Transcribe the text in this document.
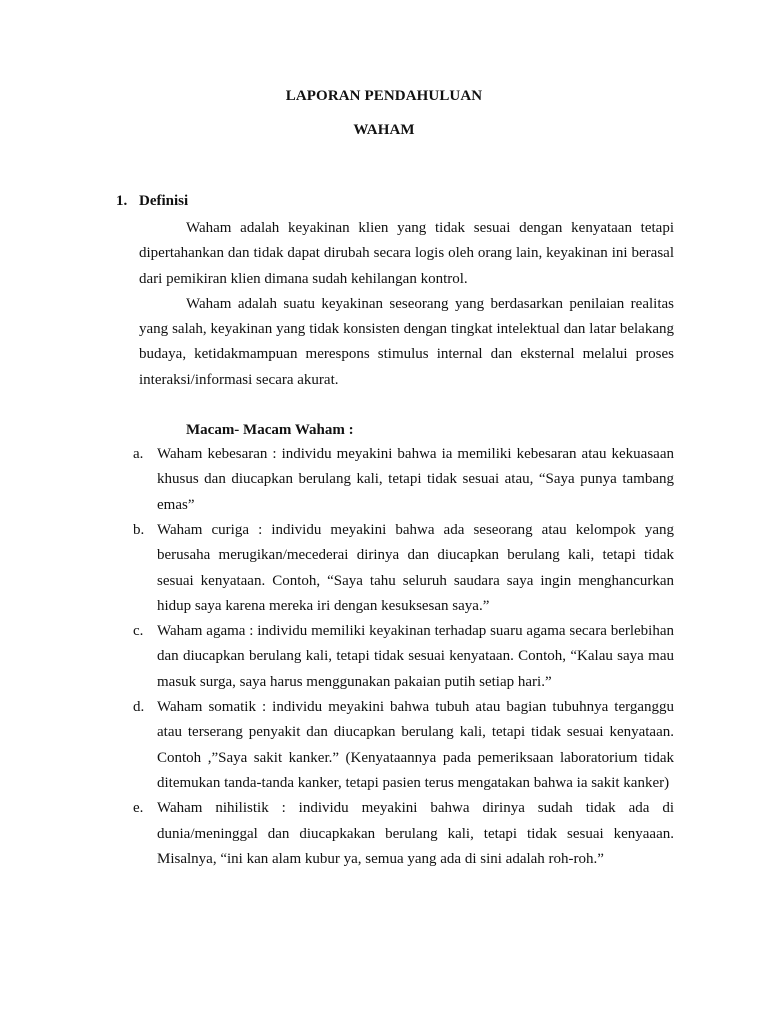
LAPORAN PENDAHULUAN
WAHAM
1. Definisi

Waham adalah keyakinan klien yang tidak sesuai dengan kenyataan tetapi dipertahankan dan tidak dapat dirubah secara logis oleh orang lain, keyakinan ini berasal dari pemikiran klien dimana sudah kehilangan kontrol.

Waham adalah suatu keyakinan seseorang yang berdasarkan penilaian realitas yang salah, keyakinan yang tidak konsisten dengan tingkat intelektual dan latar belakang budaya, ketidakmampuan merespons stimulus internal dan eksternal melalui proses interaksi/informasi secara akurat.

Macam- Macam Waham :
a. Waham kebesaran : individu meyakini bahwa ia memiliki kebesaran atau kekuasaan khusus dan diucapkan berulang kali, tetapi tidak sesuai atau, “Saya punya tambang emas”
b. Waham curiga : individu meyakini bahwa ada seseorang atau kelompok yang berusaha merugikan/mecederai dirinya dan diucapkan berulang kali, tetapi tidak sesuai kenyataan. Contoh, “Saya tahu seluruh saudara saya ingin menghancurkan hidup saya karena mereka iri dengan kesuksesan saya.”
c. Waham agama : individu memiliki keyakinan terhadap suaru agama secara berlebihan dan diucapkan berulang kali, tetapi tidak sesuai kenyataan. Contoh, “Kalau saya mau masuk surga, saya harus menggunakan pakaian putih setiap hari.”
d. Waham somatik : individu meyakini bahwa tubuh atau bagian tubuhnya terganggu atau terserang penyakit dan diucapkan berulang kali, tetapi tidak sesuai kenyataan. Contoh ,”Saya sakit kanker.” (Kenyataannya pada pemeriksaan laboratorium tidak ditemukan tanda-tanda kanker, tetapi pasien terus mengatakan bahwa ia sakit kanker)
e. Waham nihilistik : individu meyakini bahwa dirinya sudah tidak ada di dunia/meninggal dan diucapkakan berulang kali, tetapi tidak sesuai kenyaaan. Misalnya, “ini kan alam kubur ya, semua yang ada di sini adalah roh-roh.”
